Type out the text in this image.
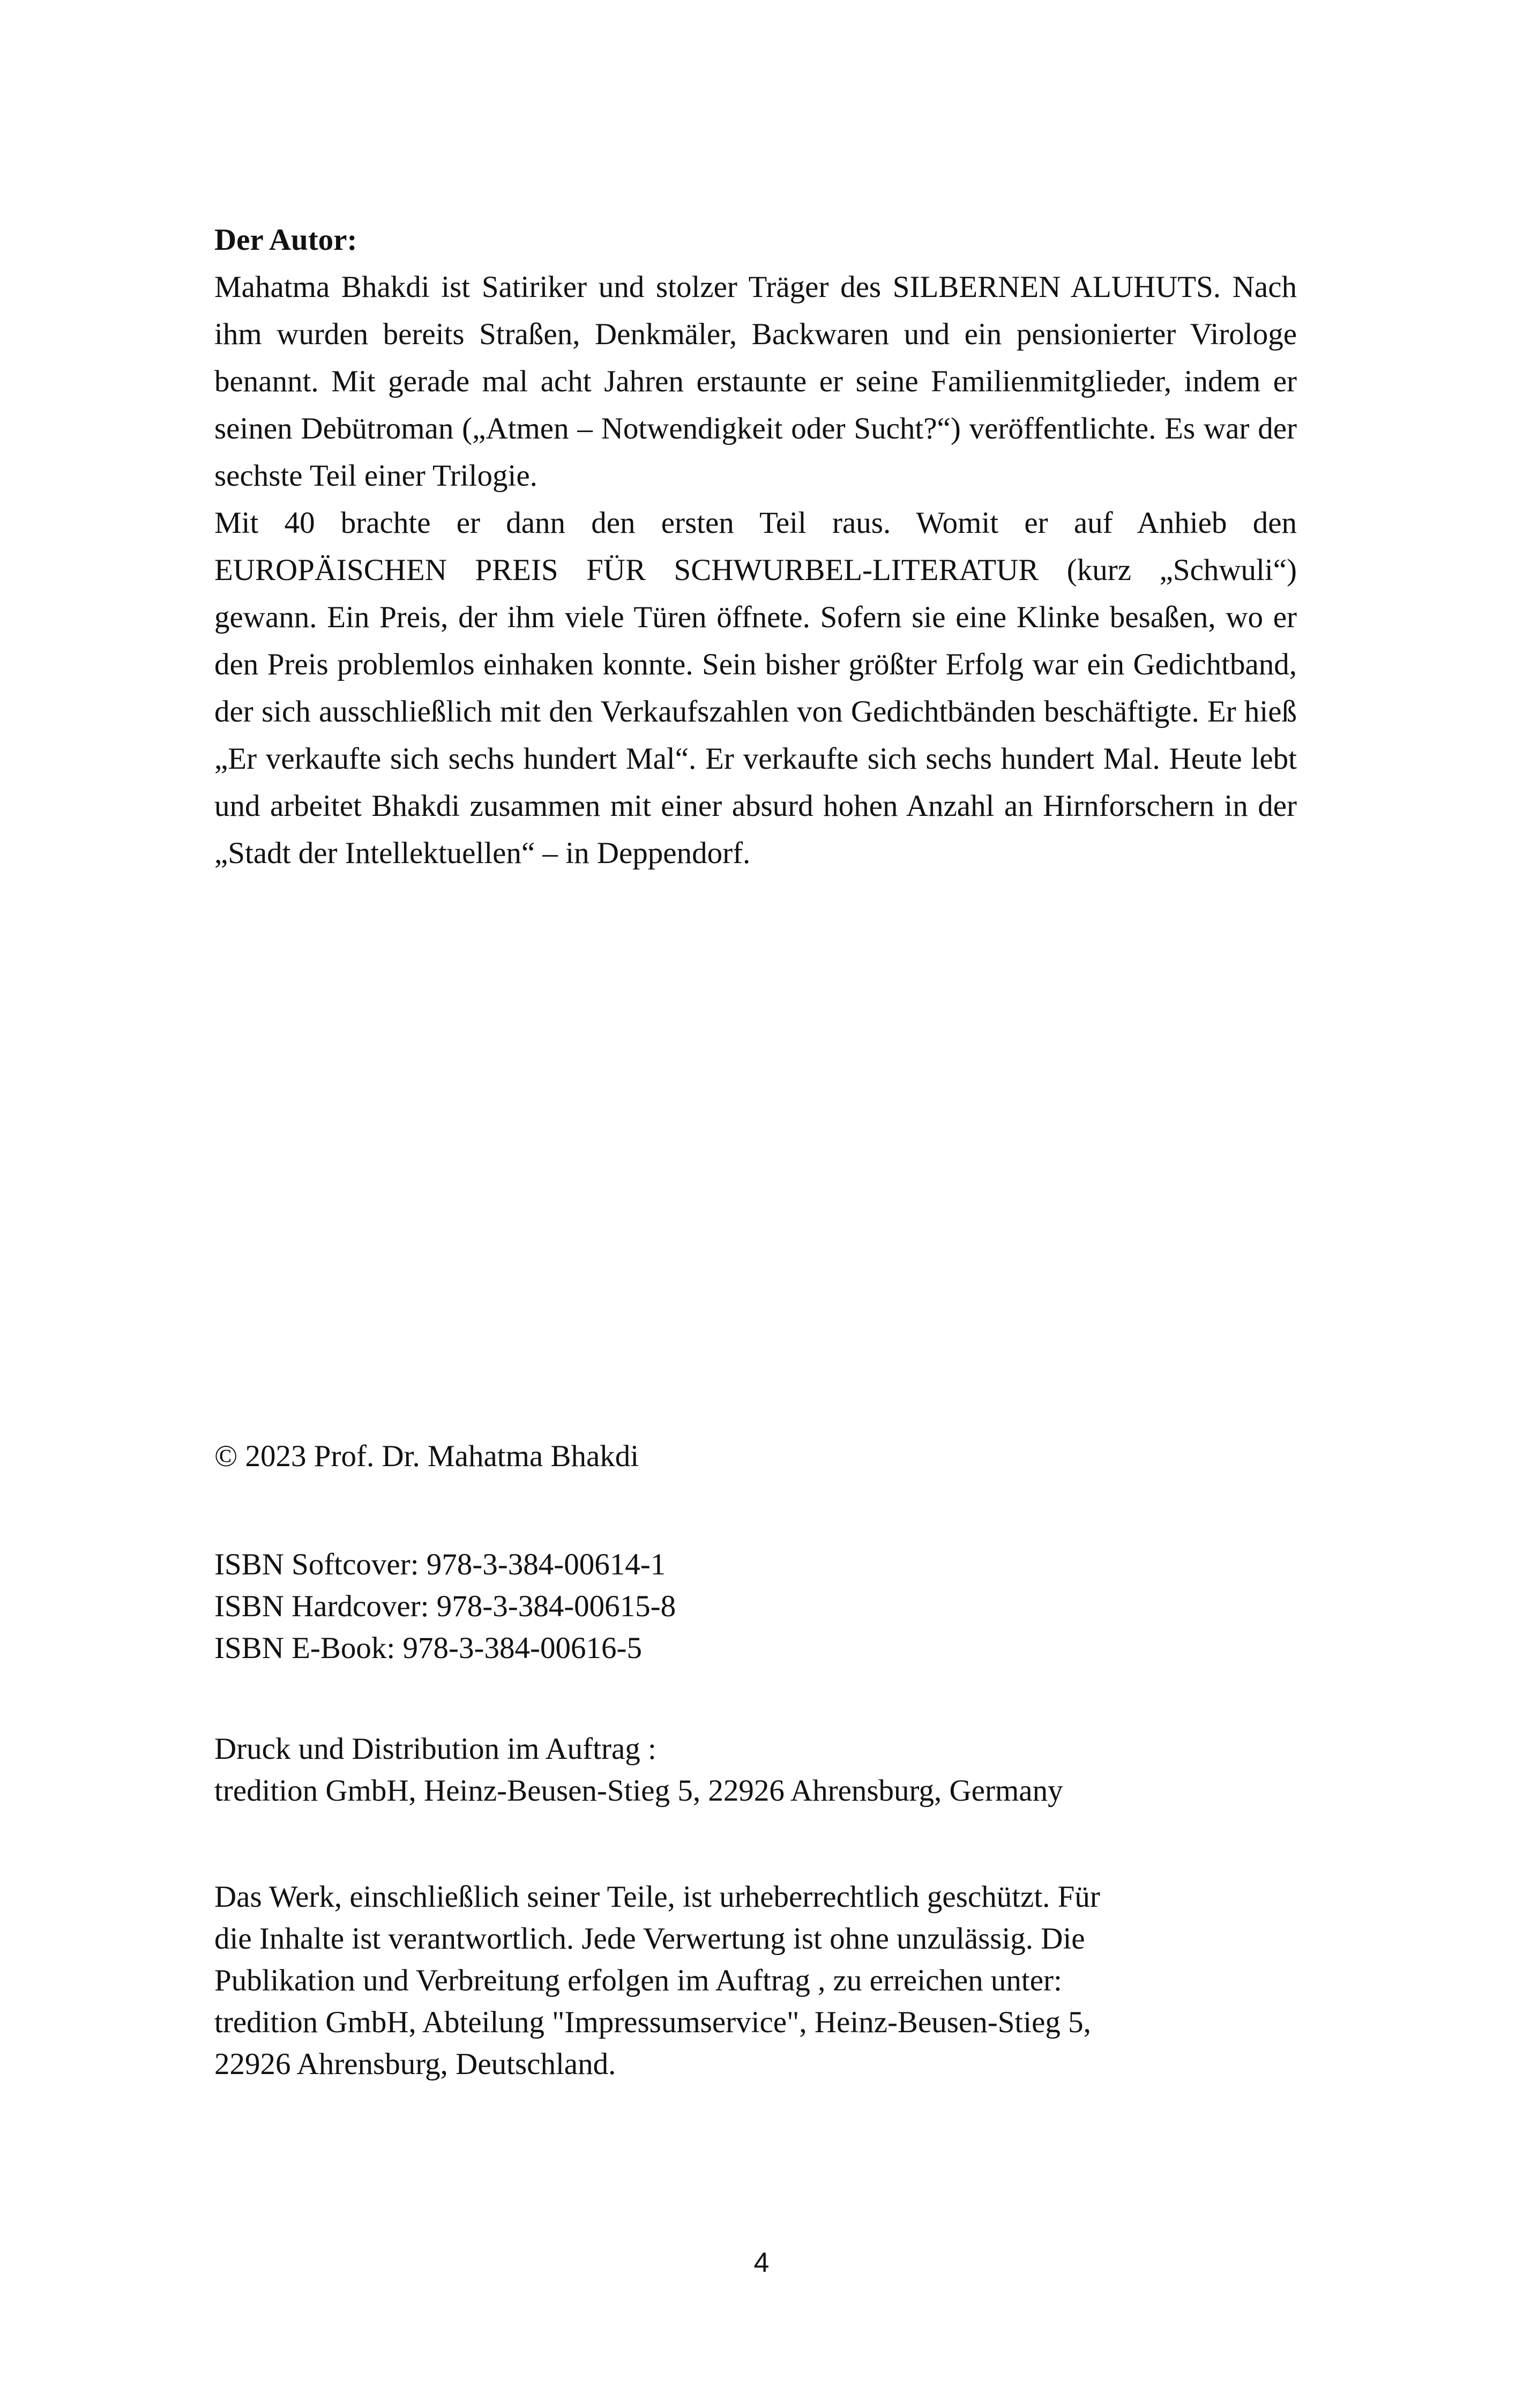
Der Autor:

Mahatma Bhakdi ist Satiriker und stolzer Träger des SILBERNEN ALUHUTS. Nach ihm wurden bereits Straßen, Denkmäler, Backwaren und ein pensionierter Virologe benannt. Mit gerade mal acht Jahren erstaunte er seine Familienmitglieder, indem er seinen Debütroman („Atmen – Notwendigkeit oder Sucht?“) veröffentlichte. Es war der sechste Teil einer Trilogie.

Mit 40 brachte er dann den ersten Teil raus. Womit er auf Anhieb den EUROPÄISCHEN PREIS FÜR SCHWURBEL-LITERATUR (kurz „Schwuli“) gewann. Ein Preis, der ihm viele Türen öffnete. Sofern sie eine Klinke besaßen, wo er den Preis problemlos einhaken konnte. Sein bisher größter Erfolg war ein Gedichtband, der sich ausschließlich mit den Verkaufszahlen von Gedichtbänden beschäftigte. Er hieß „Er verkaufte sich sechs hundert Mal“. Er verkaufte sich sechs hundert Mal. Heute lebt und arbeitet Bhakdi zusammen mit einer absurd hohen Anzahl an Hirnforschern in der „Stadt der Intellektuellen“ – in Deppendorf.

© 2023 Prof. Dr. Mahatma Bhakdi
ISBN Softcover: 978-3-384-00614-1
ISBN Hardcover: 978-3-384-00615-8
ISBN E-Book: 978-3-384-00616-5
Druck und Distribution im Auftrag :
tredition GmbH, Heinz-Beusen-Stieg 5, 22926 Ahrensburg, Germany
Das Werk, einschließlich seiner Teile, ist urheberrechtlich geschützt. Für
die Inhalte ist verantwortlich. Jede Verwertung ist ohne unzulässig. Die
Publikation und Verbreitung erfolgen im Auftrag , zu erreichen unter:
tredition GmbH, Abteilung "Impressumservice", Heinz-Beusen-Stieg 5,
22926 Ahrensburg, Deutschland.
4
